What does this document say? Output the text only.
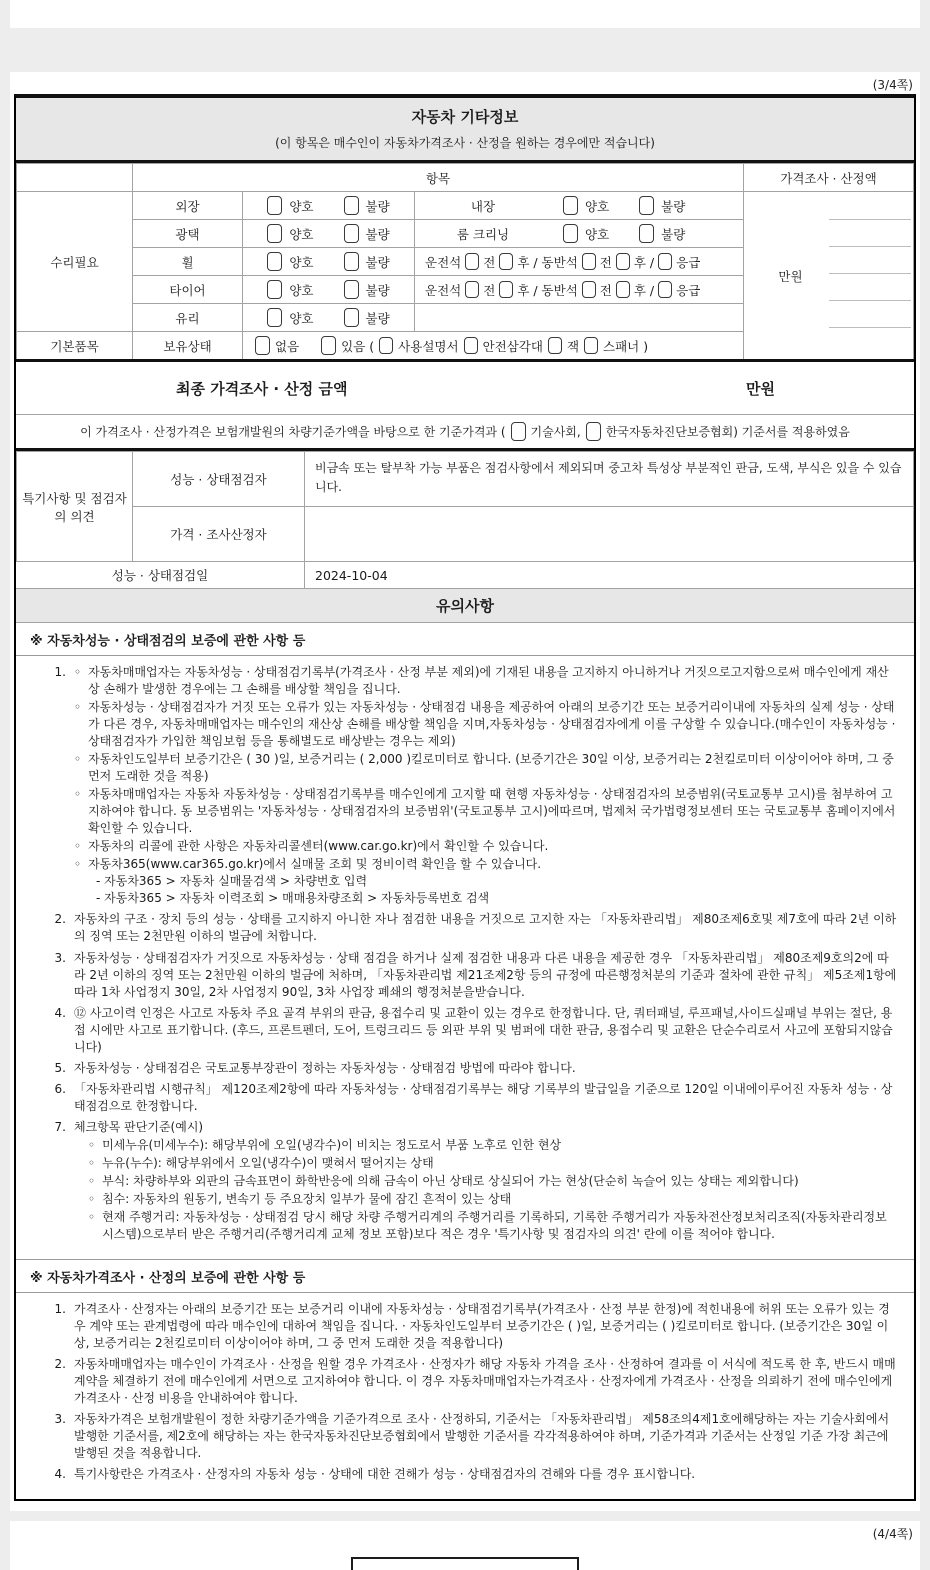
(3/4쪽)
자동차 기타정보
(이 항목은 매수인이 자동차가격조사 · 산정을 원하는 경우에만 적습니다)
	항목			가격조사 · 산정액
수리필요	외장	양호 불량	내장 양호 불량	만원

	광택	양호 불량	룸 크리닝 양호 불량	

휠	양호	불량	운전석 전 후 / 동반석 전 후 / 응급

타이어	양호	불량	운전석 전 후 / 동반석 전 후 / 응급

	유리	양호 불량		

기본품목	보유상태	없음	있음 ( 사용설명서 안전삼각대 잭 스패너 )
최종 가격조사 · 산정 금액	만원
이 가격조사 · 산정가격은 보험개발원의 차량기준가액을 바탕으로 한 기준가격과 ( 기술사회, 한국자동차진단보증협회) 기준서를 적용하였음
특기사항 및 점검자의 의견	성능 · 상태점검자	비금속 또는 탈부착 가능 부품은 점검사항에서 제외되며 중고차 특성상 부분적인 판금, 도색, 부식은 있을 수 있습니다.
	가격 · 조사산정자	
성능 · 상태점검일	2024-10-04
유의사항
※ 자동차성능 · 상태점검의 보증에 관한 사항 등
1. ◦ 자동차매매업자는 자동차성능 · 상태점검기록부(가격조사 · 산정 부분 제외)에 기재된 내용을 고지하지 아니하거나 거짓으로고지함으로써 매수인에게 재산상 손해가 발생한 경우에는 그 손해를 배상할 책임을 집니다.
◦ 자동차성능 · 상태점검자가 거짓 또는 오류가 있는 자동차성능 · 상태점검 내용을 제공하여 아래의 보증기간 또는 보증거리이내에 자동차의 실제 성능 · 상태가 다른 경우, 자동차매매업자는 매수인의 재산상 손해를 배상할 책임을 지며,자동차성능 · 상태점검자에게 이를 구상할 수 있습니다.(매수인이 자동차성능 · 상태점검자가 가입한 책임보험 등을 통해별도로 배상받는 경우는 제외)
◦ 자동차인도일부터 보증기간은 ( 30 )일, 보증거리는 ( 2,000 )킬로미터로 합니다. (보증기간은 30일 이상, 보증거리는 2천킬로미터 이상이어야 하며, 그 중 먼저 도래한 것을 적용)
◦ 자동차매매업자는 자동차 자동차성능 · 상태점검기록부를 매수인에게 고지할 때 현행 자동차성능 · 상태점검자의 보증범위(국토교통부 고시)를 첨부하여 고지하여야 합니다. 동 보증범위는 '자동차성능 · 상태점검자의 보증범위'(국토교통부 고시)에따르며, 법제처 국가법령정보센터 또는 국토교통부 홈페이지에서 확인할 수 있습니다.
◦ 자동차의 리콜에 관한 사항은 자동차리콜센터(www.car.go.kr)에서 확인할 수 있습니다.
◦ 자동차365(www.car365.go.kr)에서 실매물 조회 및 정비이력 확인을 할 수 있습니다.
- 자동차365 > 자동차 실매물검색 > 차량번호 입력
- 자동차365 > 자동차 이력조회 > 매매용차량조회 > 자동차등록번호 검색
2. 자동차의 구조 · 장치 등의 성능 · 상태를 고지하지 아니한 자나 점검한 내용을 거짓으로 고지한 자는 「자동차관리법」 제80조제6호및 제7호에 따라 2년 이하의 징역 또는 2천만원 이하의 벌금에 처합니다.
3. 자동차성능 · 상태점검자가 거짓으로 자동차성능 · 상태 점검을 하거나 실제 점검한 내용과 다른 내용을 제공한 경우 「자동차관리법」 제80조제9호의2에 따라 2년 이하의 징역 또는 2천만원 이하의 벌금에 처하며, 「자동차관리법 제21조제2항 등의 규정에 따른행정처분의 기준과 절차에 관한 규칙」 제5조제1항에 따라 1차 사업정지 30일, 2차 사업정지 90일, 3차 사업장 폐쇄의 행정처분을받습니다.
4. ⑫ 사고이력 인정은 사고로 자동차 주요 골격 부위의 판금, 용접수리 및 교환이 있는 경우로 한정합니다. 단, 쿼터패널, 루프패널,사이드실패널 부위는 절단, 용접 시에만 사고로 표기합니다. (후드, 프론트펜더, 도어, 트렁크리드 등 외판 부위 및 범퍼에 대한 판금, 용접수리 및 교환은 단순수리로서 사고에 포함되지않습니다)
5. 자동차성능 · 상태점검은 국토교통부장관이 정하는 자동차성능 · 상태점검 방법에 따라야 합니다.
6. 「자동차관리법 시행규칙」 제120조제2항에 따라 자동차성능 · 상태점검기록부는 해당 기록부의 발급일을 기준으로 120일 이내에이루어진 자동차 성능 · 상태점검으로 한정합니다.
7. 체크항목 판단기준(예시)
◦ 미세누유(미세누수): 해당부위에 오일(냉각수)이 비치는 정도로서 부품 노후로 인한 현상
◦ 누유(누수): 해당부위에서 오일(냉각수)이 맺혀서 떨어지는 상태
◦ 부식: 차량하부와 외판의 금속표면이 화학반응에 의해 금속이 아닌 상태로 상실되어 가는 현상(단순히 녹슬어 있는 상태는 제외합니다)
◦ 침수: 자동차의 원동기, 변속기 등 주요장치 일부가 물에 잠긴 흔적이 있는 상태
◦ 현재 주행거리: 자동차성능 · 상태점검 당시 해당 차량 주행거리계의 주행거리를 기록하되, 기록한 주행거리가 자동차전산정보처리조직(자동차관리정보시스템)으로부터 받은 주행거리(주행거리계 교체 정보 포함)보다 적은 경우 '특기사항 및 점검자의 의견' 란에 이를 적어야 합니다.
※ 자동차가격조사 · 산정의 보증에 관한 사항 등
1. 가격조사 · 산정자는 아래의 보증기간 또는 보증거리 이내에 자동차성능 · 상태점검기록부(가격조사 · 산정 부분 한정)에 적힌내용에 허위 또는 오류가 있는 경우 계약 또는 관계법령에 따라 매수인에 대하여 책임을 집니다. · 자동차인도일부터 보증기간은 ( )일, 보증거리는 ( )킬로미터로 합니다. (보증기간은 30일 이상, 보증거리는 2천킬로미터 이상이어야 하며, 그 중 먼저 도래한 것을 적용합니다)
2. 자동차매매업자는 매수인이 가격조사 · 산정을 원할 경우 가격조사 · 산정자가 해당 자동차 가격을 조사 · 산정하여 결과를 이 서식에 적도록 한 후, 반드시 매매계약을 체결하기 전에 매수인에게 서면으로 고지하여야 합니다. 이 경우 자동차매매업자는가격조사 · 산정자에게 가격조사 · 산정을 의뢰하기 전에 매수인에게 가격조사 · 산정 비용을 안내하여야 합니다.
3. 자동차가격은 보험개발원이 정한 차량기준가액을 기준가격으로 조사 · 산정하되, 기준서는 「자동차관리법」 제58조의4제1호에해당하는 자는 기술사회에서 발행한 기준서를, 제2호에 해당하는 자는 한국자동차진단보증협회에서 발행한 기준서를 각각적용하여야 하며, 기준가격과 기준서는 산정일 기준 가장 최근에 발행된 것을 적용합니다.
4. 특기사항란은 가격조사 · 산정자의 자동차 성능 · 상태에 대한 견해가 성능 · 상태점검자의 견해와 다를 경우 표시합니다.
(4/4쪽)
